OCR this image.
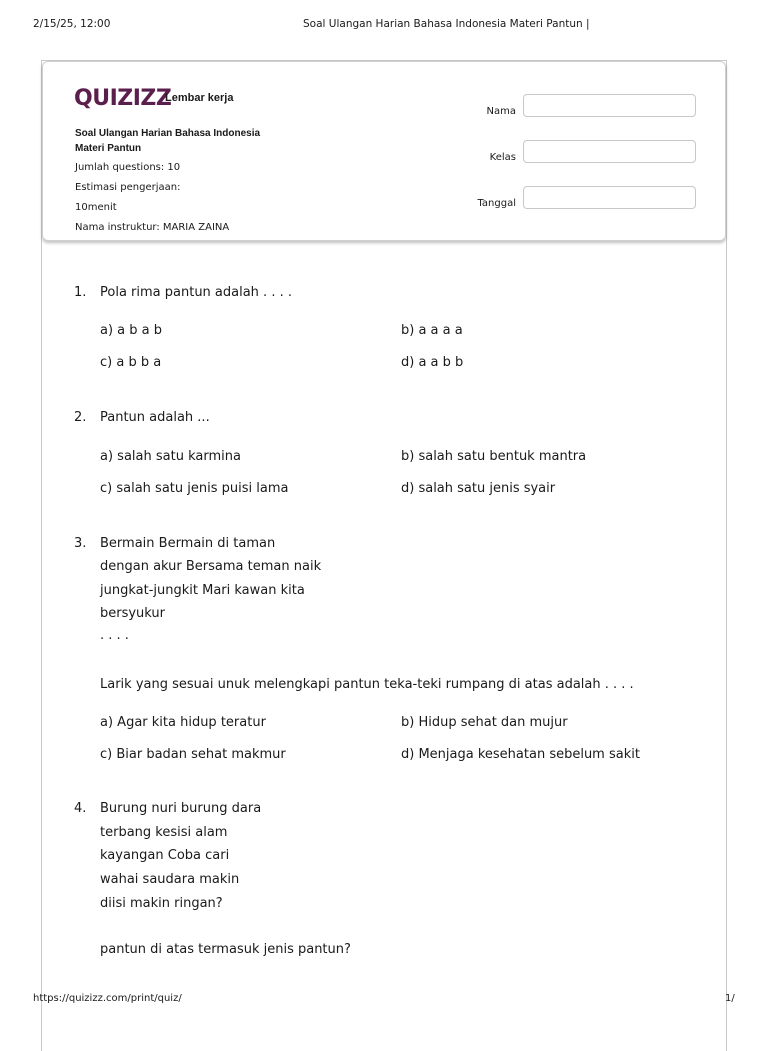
2/15/25, 12:00	Soal Ulangan Harian Bahasa Indonesia Materi Pantun |
QUIZIZZ
Lembar kerja
Soal Ulangan Harian Bahasa Indonesia
Materi Pantun
Jumlah questions: 10
Estimasi pengerjaan:
10menit
Nama instruktur: MARIA ZAINA
Nama
Kelas
Tanggal
1. Pola rima pantun adalah . . . .
a) a b a b	b) a a a a
c) a b b a	d) a a b b
2. Pantun adalah ...
a) salah satu karmina	b) salah satu bentuk mantra
c) salah satu jenis puisi lama	d) salah satu jenis syair
3. Bermain Bermain di taman
dengan akur Bersama teman naik
jungkat-jungkit Mari kawan kita
bersyukur
. . . .
Larik yang sesuai unuk melengkapi pantun teka-teki rumpang di atas adalah . . . .
a) Agar kita hidup teratur	b) Hidup sehat dan mujur
c) Biar badan sehat makmur	d) Menjaga kesehatan sebelum sakit
4. Burung nuri burung dara
terbang kesisi alam
kayangan Coba cari
wahai saudara makin
diisi makin ringan?
pantun di atas termasuk jenis pantun?
https://quizizz.com/print/quiz/	1/
